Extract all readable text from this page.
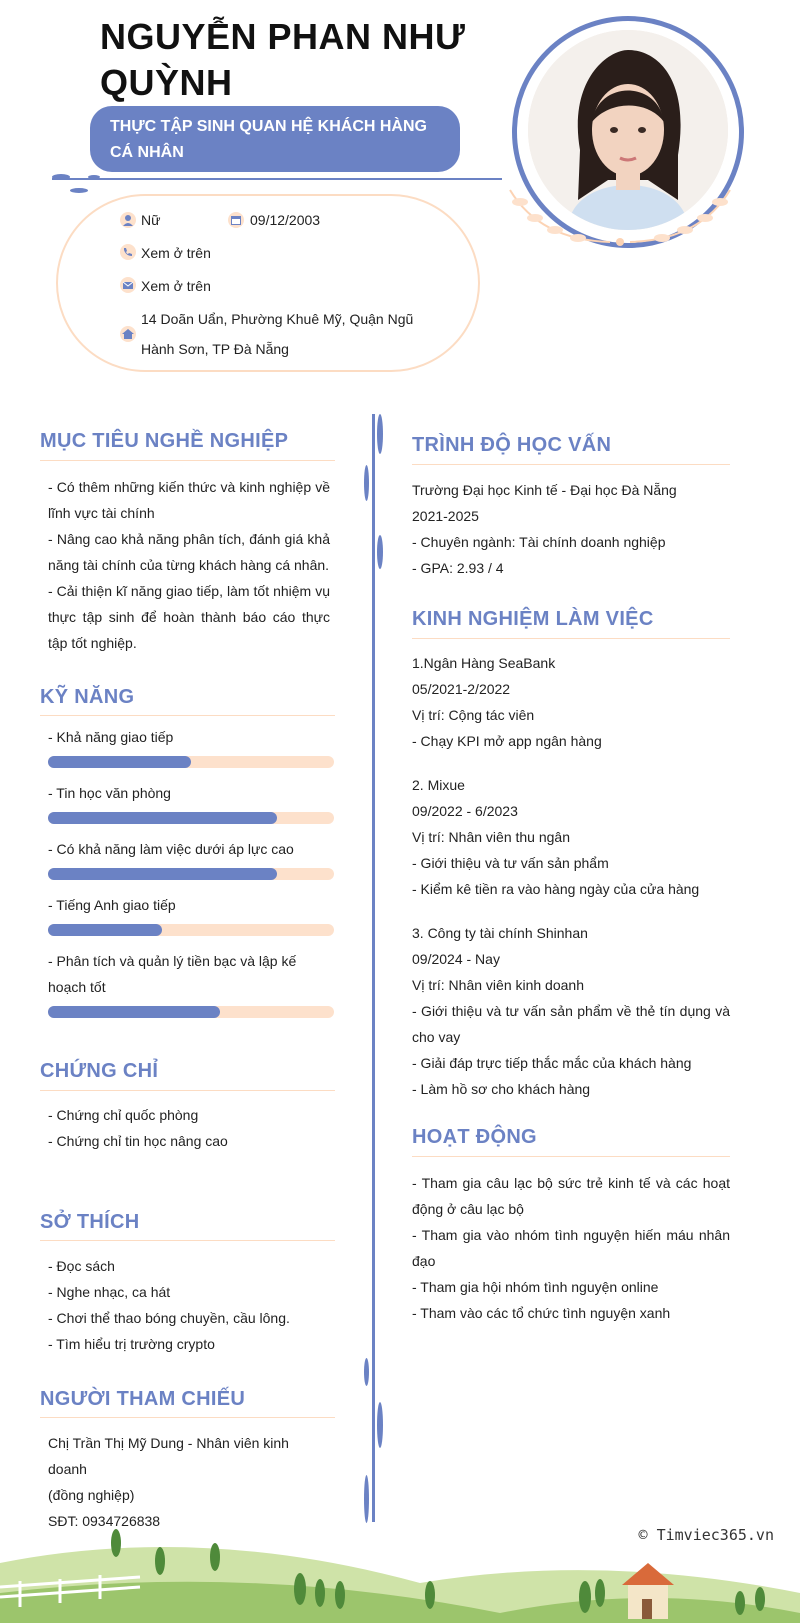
NGUYỄN PHAN NHƯ QUỲNH
THỰC TẬP SINH QUAN HỆ KHÁCH HÀNG CÁ NHÂN
Nữ	09/12/2003
Xem ở trên
Xem ở trên
14 Doãn Uẩn, Phường Khuê Mỹ, Quận Ngũ
Hành Sơn, TP Đà Nẵng
MỤC TIÊU NGHỀ NGHIỆP
- Có thêm những kiến thức và kinh nghiệp về lĩnh vực tài chính
- Nâng cao khả năng phân tích, đánh giá khả năng tài chính của từng khách hàng cá nhân.
- Cải thiện kĩ năng giao tiếp, làm tốt nhiệm vụ thực tập sinh để hoàn thành báo cáo thực tập tốt nghiệp.
KỸ NĂNG
- Khả năng giao tiếp
- Tin học văn phòng
- Có khả năng làm việc dưới áp lực cao
- Tiếng Anh giao tiếp
- Phân tích và quản lý tiền bạc và lập kế hoạch tốt
CHỨNG CHỈ
- Chứng chỉ quốc phòng
- Chứng chỉ tin học nâng cao
SỞ THÍCH
- Đọc sách
- Nghe nhạc, ca hát
- Chơi thể thao bóng chuyền, cầu lông.
- Tìm hiểu trị trường crypto
NGƯỜI THAM CHIẾU
Chị Trần Thị Mỹ Dung - Nhân viên kinh doanh
(đồng nghiệp)
SĐT: 0934726838
TRÌNH ĐỘ HỌC VẤN
Trường Đại học Kinh tế - Đại học Đà Nẵng
2021-2025
- Chuyên ngành: Tài chính doanh nghiệp
- GPA: 2.93 / 4
KINH NGHIỆM LÀM VIỆC
1.Ngân Hàng SeaBank
05/2021-2/2022
Vị trí: Cộng tác viên
- Chạy KPI mở app ngân hàng
2. Mixue
09/2022 - 6/2023
Vị trí: Nhân viên thu ngân
- Giới thiệu và tư vấn sản phẩm
- Kiểm kê tiền ra vào hàng ngày của cửa hàng
3. Công ty tài chính Shinhan
09/2024 - Nay
Vị trí: Nhân viên kinh doanh
- Giới thiệu và tư vấn sản phẩm về thẻ tín dụng và cho vay
- Giải đáp trực tiếp thắc mắc của khách hàng
- Làm hồ sơ cho khách hàng
HOẠT ĐỘNG
- Tham gia câu lạc bộ sức trẻ kinh tế và các hoạt động ở câu lạc bộ
- Tham gia vào nhóm tình nguyện hiến máu nhân đạo
- Tham gia hội nhóm tình nguyện online
- Tham vào các tổ chức tình nguyện xanh
© Timviec365.vn
